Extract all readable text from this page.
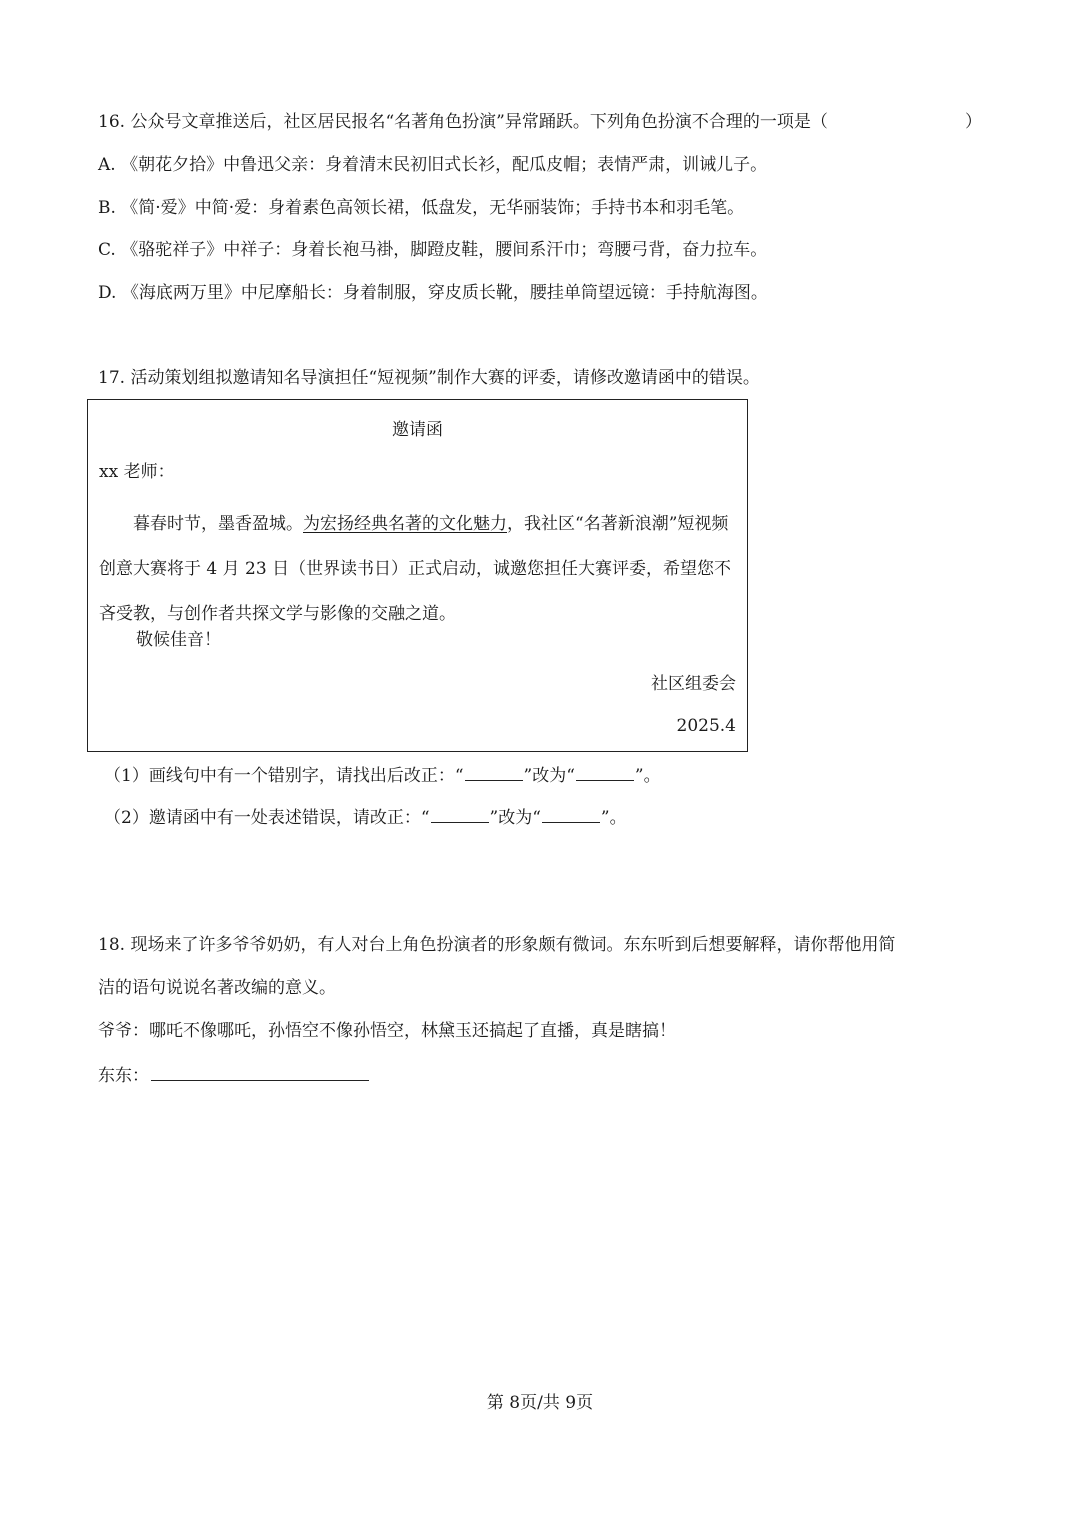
16. 公众号文章推送后，社区居民报名“名著角色扮演”异常踊跃。下列角色扮演不合理的一项是（	）
A. 《朝花夕拾》中鲁迅父亲：身着清末民初旧式长衫，配瓜皮帽；表情严肃，训诫儿子。
B. 《简·爱》中简·爱：身着素色高领长裙，低盘发，无华丽装饰；手持书本和羽毛笔。
C. 《骆驼祥子》中祥子：身着长袍马褂，脚蹬皮鞋，腰间系汗巾；弯腰弓背，奋力拉车。
D. 《海底两万里》中尼摩船长：身着制服，穿皮质长靴，腰挂单筒望远镜：手持航海图。
17. 活动策划组拟邀请知名导演担任“短视频”制作大赛的评委，请修改邀请函中的错误。
邀请函
xx 老师：

暮春时节，墨香盈城。为宏扬经典名著的文化魅力，我社区“名著新浪潮”短视频创意大赛将于 4 月 23 日（世界读书日）正式启动，诚邀您担任大赛评委，希望您不吝受教，与创作者共探文学与影像的交融之道。

敬候佳音！
社区组委会
2025.4
（1）画线句中有一个错别字，请找出后改正：“	”改为“	”。
（2）邀请函中有一处表述错误，请改正：“	”改为“	”。
18. 现场来了许多爷爷奶奶，有人对台上角色扮演者的形象颇有微词。东东听到后想要解释，请你帮他用简
洁的语句说说名著改编的意义。
爷爷：哪吒不像哪吒，孙悟空不像孙悟空，林黛玉还搞起了直播，真是瞎搞！
东东：
第 8页/共 9页
